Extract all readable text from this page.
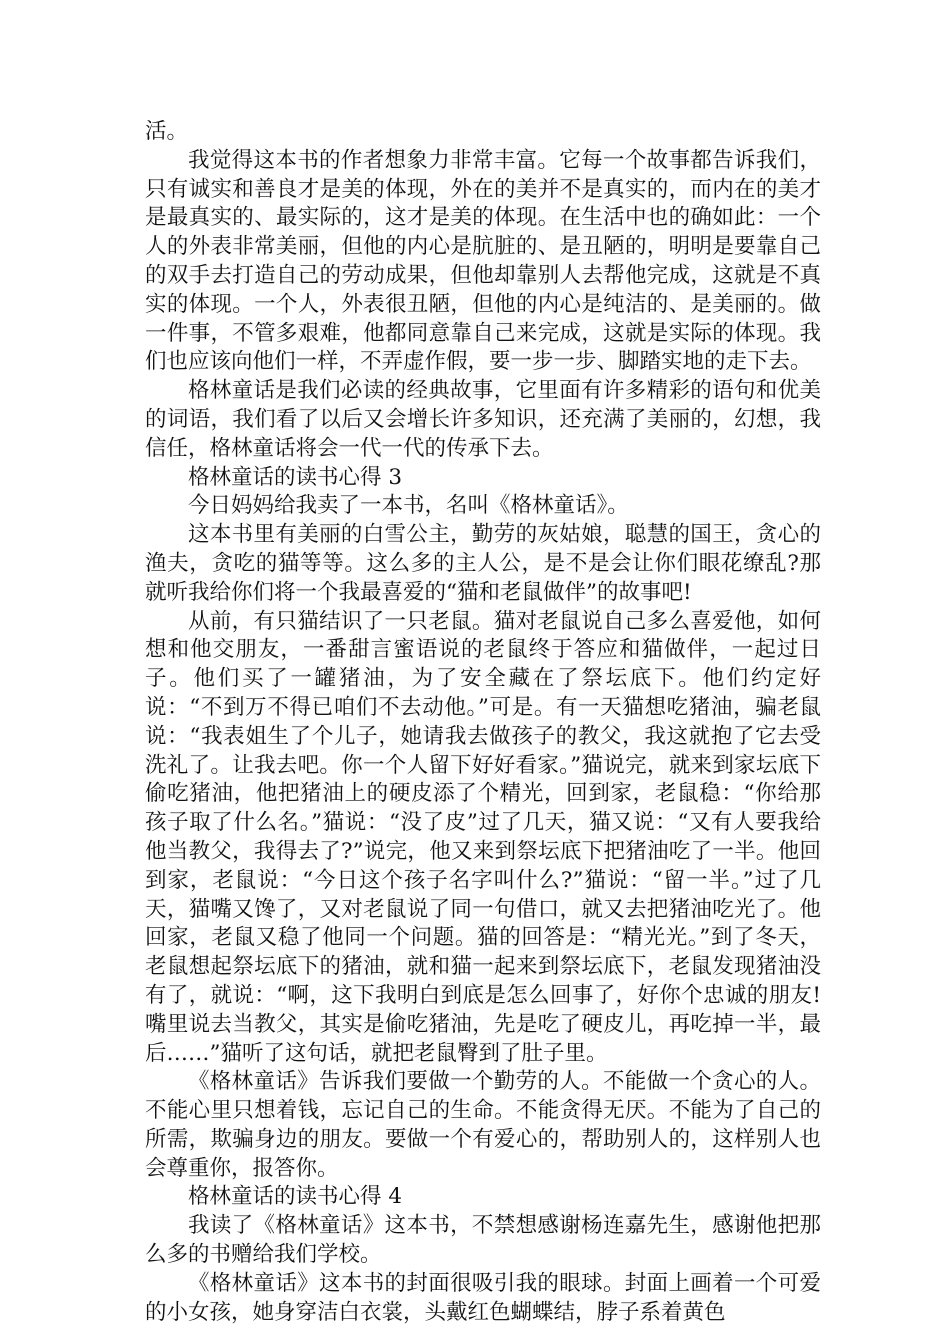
活。

我觉得这本书的作者想象力非常丰富。它每一个故事都告诉我们，只有诚实和善良才是美的体现，外在的美并不是真实的，而内在的美才是最真实的、最实际的，这才是美的体现。在生活中也的确如此：一个人的外表非常美丽，但他的内心是肮脏的、是丑陋的，明明是要靠自己的双手去打造自己的劳动成果，但他却靠别人去帮他完成，这就是不真实的体现。一个人，外表很丑陋，但他的内心是纯洁的、是美丽的。做一件事，不管多艰难，他都同意靠自己来完成，这就是实际的体现。我们也应该向他们一样，不弄虚作假，要一步一步、脚踏实地的走下去。

格林童话是我们必读的经典故事，它里面有许多精彩的语句和优美的词语，我们看了以后又会增长许多知识，还充满了美丽的，幻想，我信任，格林童话将会一代一代的传承下去。

格林童话的读书心得 3

今日妈妈给我卖了一本书，名叫《格林童话》。

这本书里有美丽的白雪公主，勤劳的灰姑娘，聪慧的国王，贪心的渔夫，贪吃的猫等等。这么多的主人公，是不是会让你们眼花缭乱?那就听我给你们将一个我最喜爱的“猫和老鼠做伴”的故事吧!

从前，有只猫结识了一只老鼠。猫对老鼠说自己多么喜爱他，如何想和他交朋友，一番甜言蜜语说的老鼠终于答应和猫做伴，一起过日子。他们买了一罐猪油，为了安全藏在了祭坛底下。他们约定好说：“不到万不得已咱们不去动他。”可是。有一天猫想吃猪油，骗老鼠说：“我表姐生了个儿子，她请我去做孩子的教父，我这就抱了它去受洗礼了。让我去吧。你一个人留下好好看家。”猫说完，就来到家坛底下偷吃猪油，他把猪油上的硬皮添了个精光，回到家，老鼠稳：“你给那孩子取了什么名。”猫说：“没了皮”过了几天，猫又说：“又有人要我给他当教父，我得去了?”说完，他又来到祭坛底下把猪油吃了一半。他回到家，老鼠说：“今日这个孩子名字叫什么?”猫说：“留一半。”过了几天，猫嘴又馋了，又对老鼠说了同一句借口，就又去把猪油吃光了。他回家，老鼠又稳了他同一个问题。猫的回答是：“精光光。”到了冬天，老鼠想起祭坛底下的猪油，就和猫一起来到祭坛底下，老鼠发现猪油没有了，就说：“啊，这下我明白到底是怎么回事了，好你个忠诚的朋友!嘴里说去当教父，其实是偷吃猪油，先是吃了硬皮儿，再吃掉一半，最后……”猫听了这句话，就把老鼠臀到了肚子里。

《格林童话》告诉我们要做一个勤劳的人。不能做一个贪心的人。不能心里只想着钱，忘记自己的生命。不能贪得无厌。不能为了自己的所需，欺骗身边的朋友。要做一个有爱心的，帮助别人的，这样别人也会尊重你，报答你。

格林童话的读书心得 4

我读了《格林童话》这本书，不禁想感谢杨连嘉先生，感谢他把那么多的书赠给我们学校。

《格林童话》这本书的封面很吸引我的眼球。封面上画着一个可爱的小女孩，她身穿洁白衣裳，头戴红色蝴蝶结，脖子系着黄色
